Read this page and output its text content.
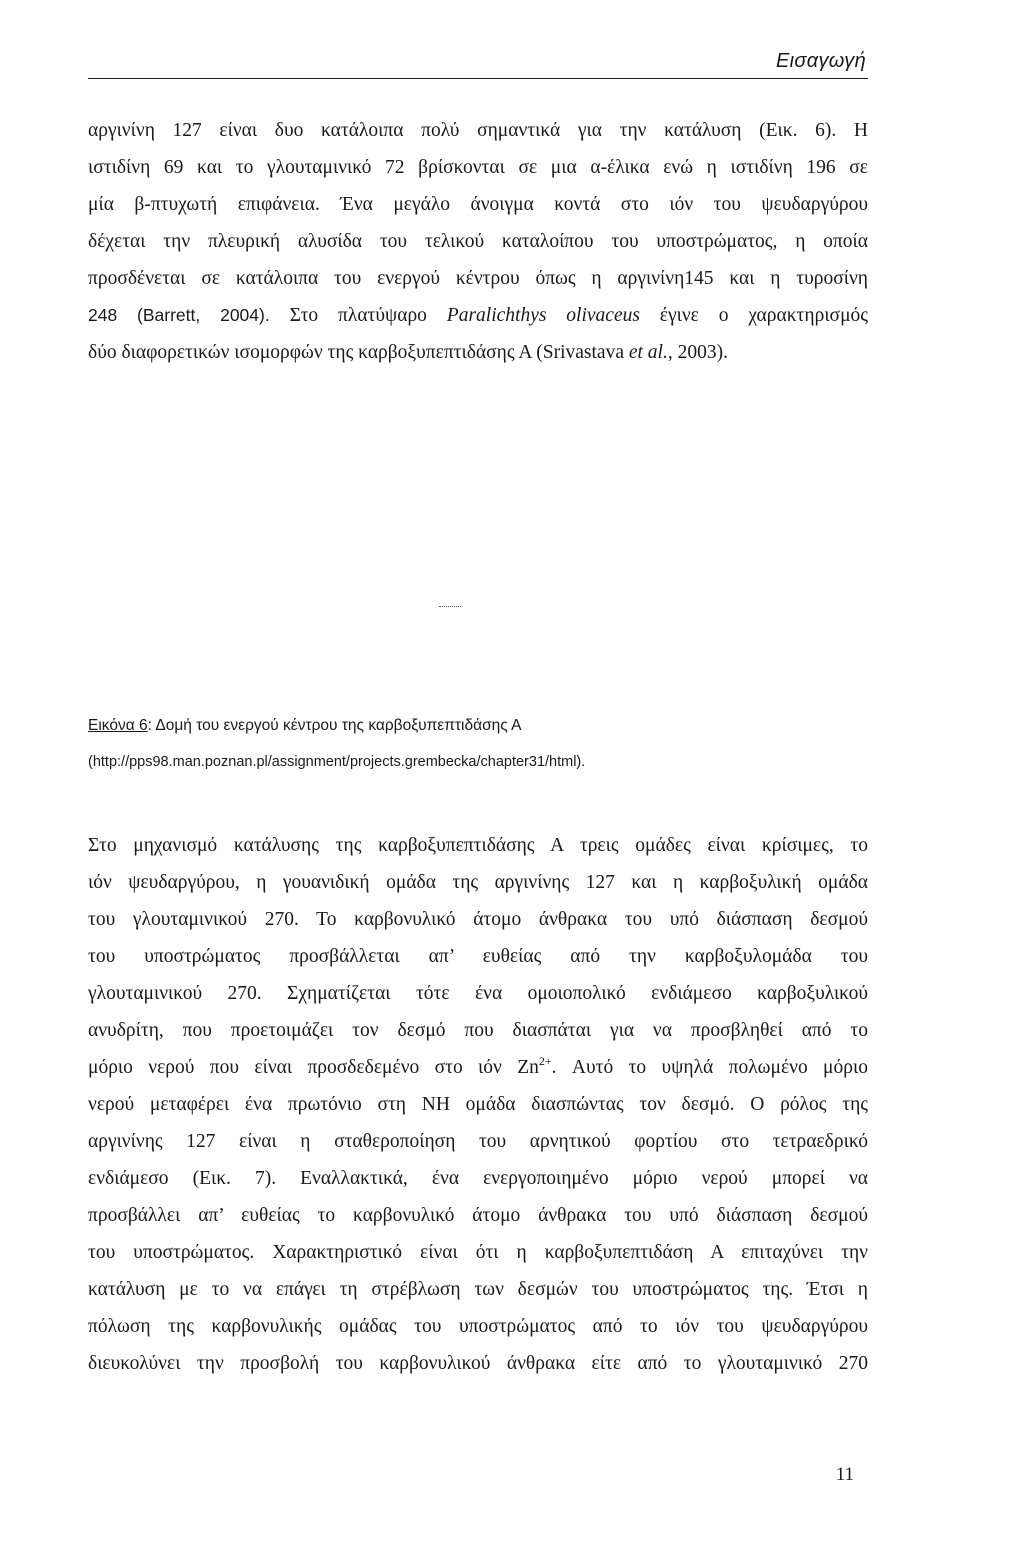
Εισαγωγή
αργινίνη 127 είναι δυο κατάλοιπα πολύ σημαντικά για την κατάλυση (Εικ. 6). Η
ιστιδίνη 69 και το γλουταμινικό 72 βρίσκονται σε μια α-έλικα ενώ η ιστιδίνη 196 σε
μία β-πτυχωτή επιφάνεια. Ένα μεγάλο άνοιγμα κοντά στο ιόν του ψευδαργύρου
δέχεται την πλευρική αλυσίδα του τελικού καταλοίπου του υποστρώματος, η οποία
προσδένεται σε κατάλοιπα του ενεργού κέντρου όπως η αργινίνη145 και η τυροσίνη
248 (Barrett, 2004). Στο πλατύψαρο Paralichthys olivaceus έγινε ο χαρακτηρισμός
δύο διαφορετικών ισομορφών της καρβοξυπεπτιδάσης Α (Srivastava et al., 2003).
Εικόνα 6: Δομή του ενεργού κέντρου της καρβοξυπεπτιδάσης Α
(http://pps98.man.poznan.pl/assignment/projects.grembecka/chapter31/html).
Στο μηχανισμό κατάλυσης της καρβοξυπεπτιδάσης Α τρεις ομάδες είναι κρίσιμες, το
ιόν ψευδαργύρου, η γουανιδική ομάδα της αργινίνης 127 και η καρβοξυλική ομάδα
του γλουταμινικού 270. Το καρβονυλικό άτομο άνθρακα του υπό διάσπαση δεσμού
του υποστρώματος προσβάλλεται απ’ ευθείας από την καρβοξυλομάδα του
γλουταμινικού 270. Σχηματίζεται τότε ένα ομοιοπολικό ενδιάμεσο καρβοξυλικού
ανυδρίτη, που προετοιμάζει τον δεσμό που διασπάται για να προσβληθεί από το
μόριο νερού που είναι προσδεδεμένο στο ιόν $Zn^{2+}$. Αυτό το υψηλά πολωμένο μόριο
νερού μεταφέρει ένα πρωτόνιο στη ΝΗ ομάδα διασπώντας τον δεσμό. Ο ρόλος της
αργινίνης 127 είναι η σταθεροποίηση του αρνητικού φορτίου στο τετραεδρικό
ενδιάμεσο (Εικ. 7). Εναλλακτικά, ένα ενεργοποιημένο μόριο νερού μπορεί να
προσβάλλει απ’ ευθείας το καρβονυλικό άτομο άνθρακα του υπό διάσπαση δεσμού
του υποστρώματος. Χαρακτηριστικό είναι ότι η καρβοξυπεπτιδάση Α επιταχύνει την
κατάλυση με το να επάγει τη στρέβλωση των δεσμών του υποστρώματος της. Έτσι η
πόλωση της καρβονυλικής ομάδας του υποστρώματος από το ιόν του ψευδαργύρου
διευκολύνει την προσβολή του καρβονυλικού άνθρακα είτε από το γλουταμινικό 270
11
